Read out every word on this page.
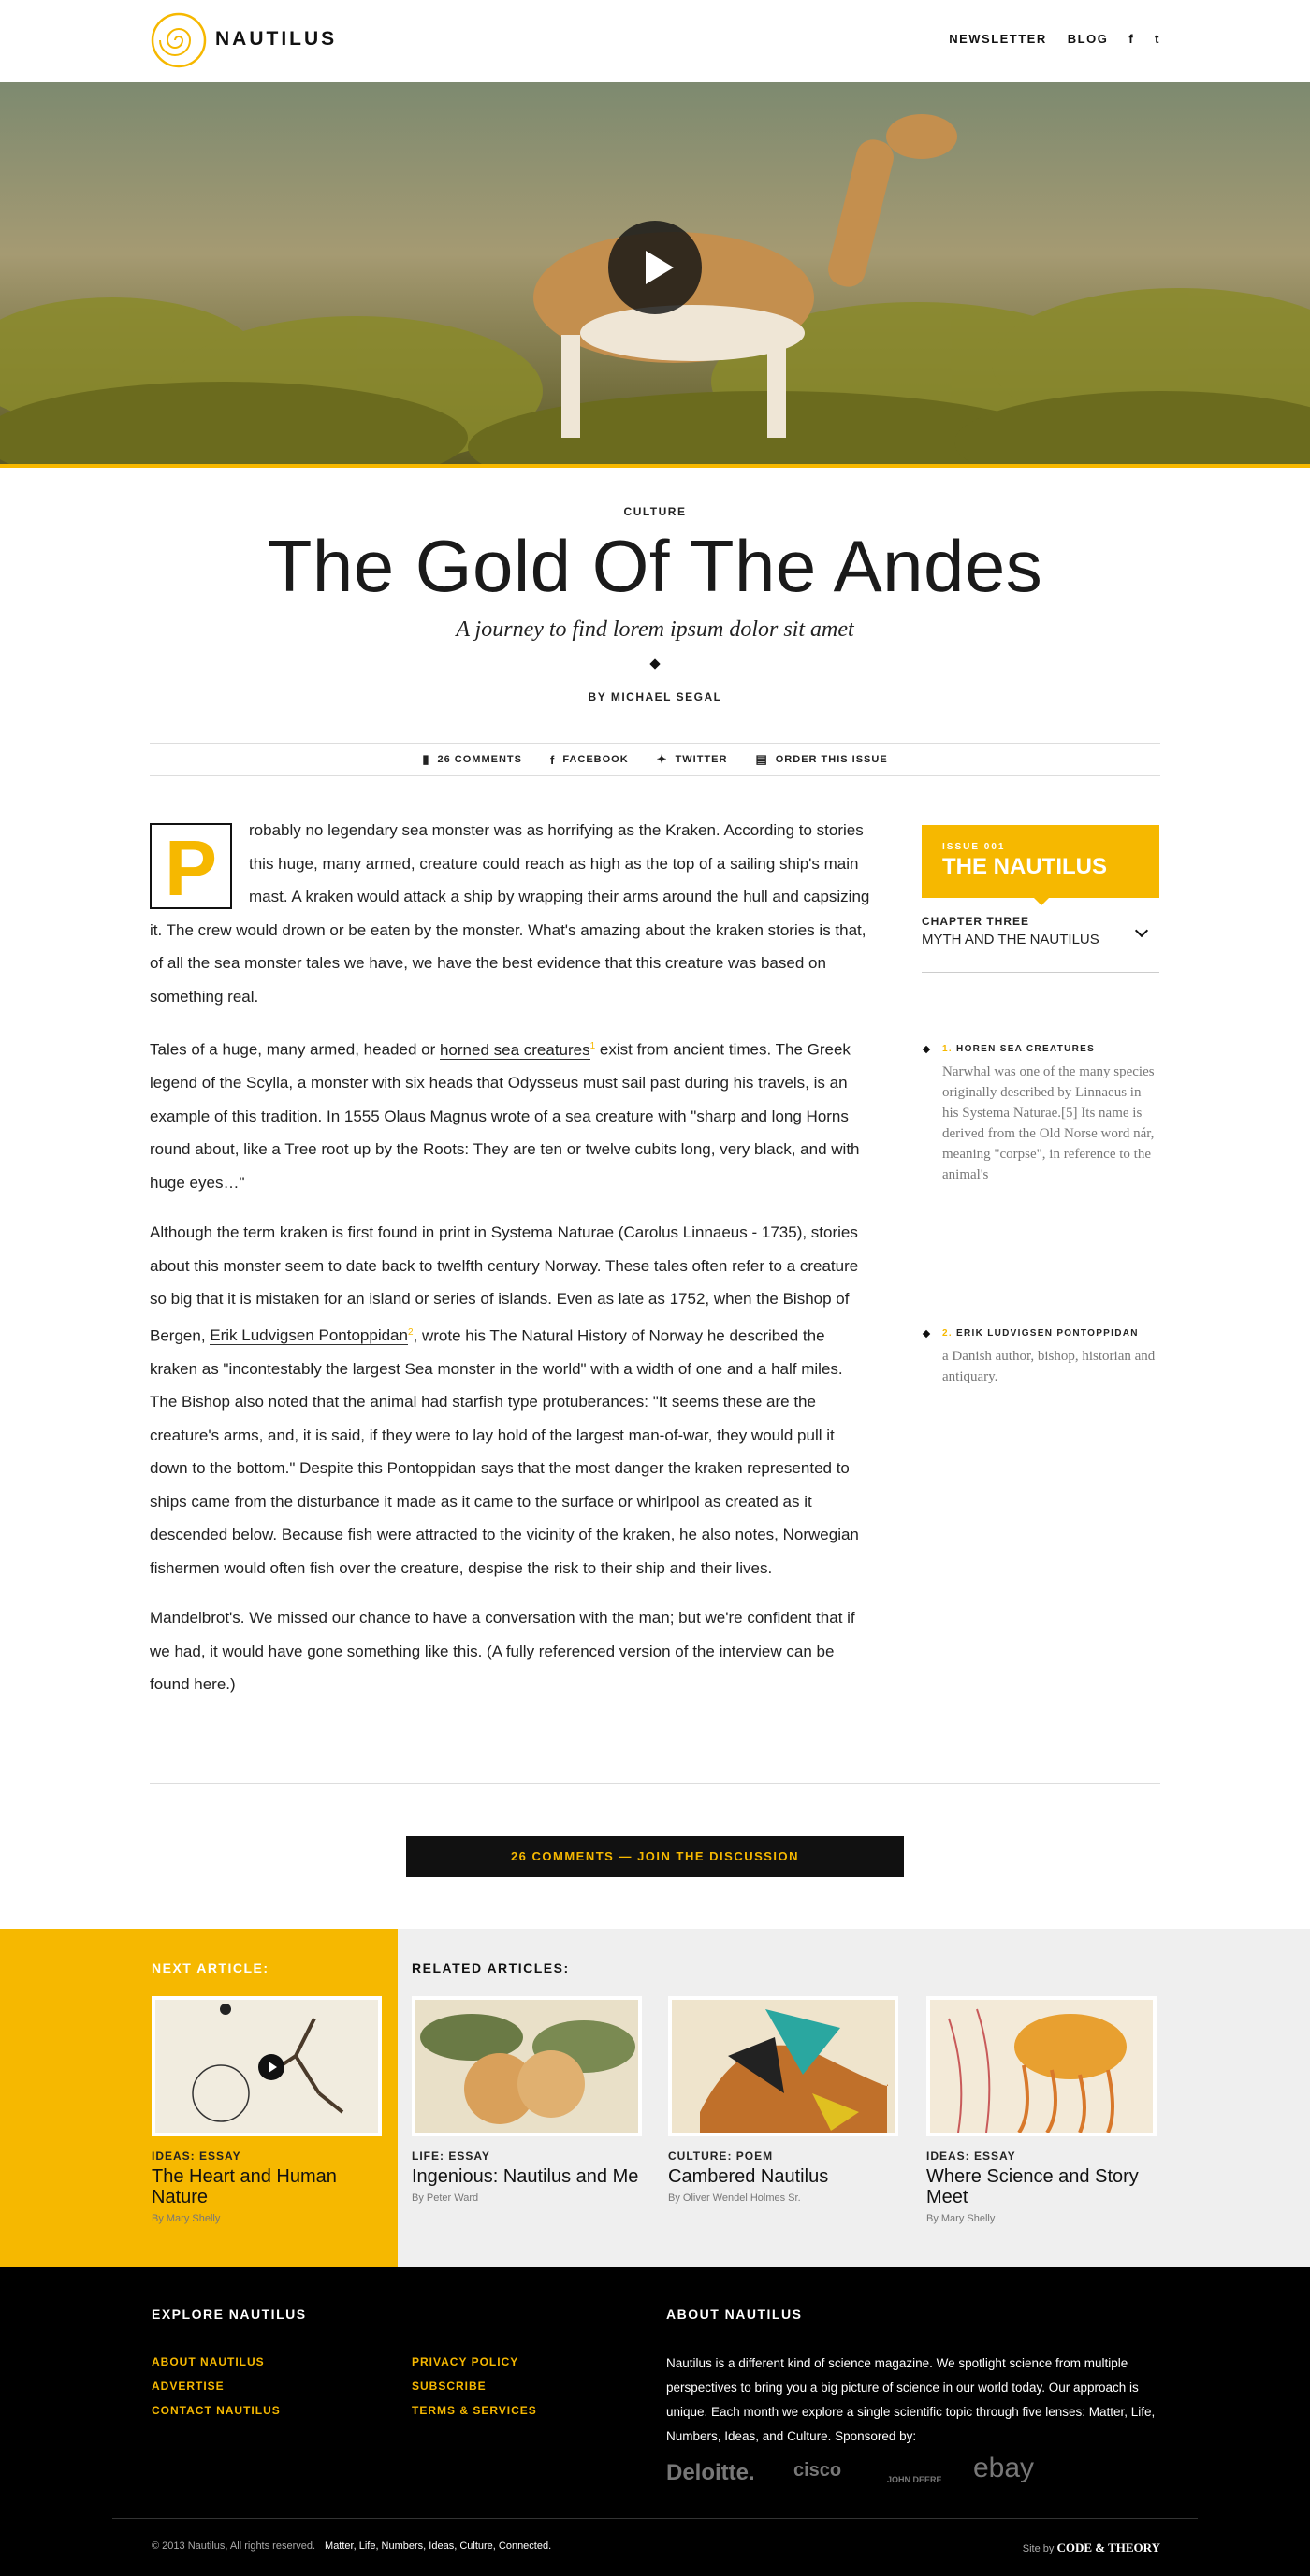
NAUTILUS	NEWSLETTER BLOG f t
CULTURE
The Gold Of The Andes
A journey to find lorem ipsum dolor sit amet
BY MICHAEL SEGAL
▮ 26 COMMENTS f FACEBOOK ✦ TWITTER ▤ ORDER THIS ISSUE

P	robably no legendary sea monster was as horrifying as the Kraken. According to stories this huge, many armed, creature could reach as high as the top of a sailing ship's main mast. A kraken would attack a ship by wrapping their arms around the hull and capsizing it. The crew would drown or be eaten by the monster. What's amazing about the kraken stories is that, of all the sea monster tales we have, we have the best evidence that this creature was based on something real.

Tales of a huge, many armed, headed or horned sea creatures$^1$ exist from ancient times. The Greek legend of the Scylla, a monster with six heads that Odysseus must sail past during his travels, is an example of this tradition. In 1555 Olaus Magnus wrote of a sea creature with "sharp and long Horns round about, like a Tree root up by the Roots: They are ten or twelve cubits long, very black, and with huge eyes…"

Although the term kraken is first found in print in Systema Naturae (Carolus Linnaeus - 1735), stories about this monster seem to date back to twelfth century Norway. These tales often refer to a creature so big that it is mistaken for an island or series of islands. Even as late as 1752, when the Bishop of Bergen, Erik Ludvigsen Pontoppidan$^2$, wrote his The Natural History of Norway he described the kraken as "incontestably the largest Sea monster in the world" with a width of one and a half miles. The Bishop also noted that the animal had starfish type protuberances: "It seems these are the creature's arms, and, it is said, if they were to lay hold of the largest man-of-war, they would pull it down to the bottom." Despite this Pontoppidan says that the most danger the kraken represented to ships came from the disturbance it made as it came to the surface or whirlpool as created as it descended below. Because fish were attracted to the vicinity of the kraken, he also notes, Norwegian fishermen would often fish over the creature, despise the risk to their ship and their lives.

Mandelbrot's. We missed our chance to have a conversation with the man; but we're confident that if we had, it would have gone something like this. (A fully referenced version of the interview can be found here.)

ISSUE 001
THE NAUTILUS
CHAPTER THREE
MYTH AND THE NAUTILUS
1. HOREN SEA CREATURES
Narwhal was one of the many species originally described by Linnaeus in his Systema Naturae.[5] Its name is derived from the Old Norse word nár, meaning "corpse", in reference to the animal's
2. ERIK LUDVIGSEN PONTOPPIDAN
a Danish author, bishop, historian and antiquary.
26 COMMENTS — JOIN THE DISCUSSION
NEXT ARTICLE:	RELATED ARTICLES:
IDEAS: ESSAY
The Heart and Human Nature
By Mary Shelly
LIFE: ESSAY
Ingenious: Nautilus and Me
By Peter Ward
CULTURE: POEM
Cambered Nautilus
By Oliver Wendel Holmes Sr.
IDEAS: ESSAY
Where Science and Story Meet
By Mary Shelly
EXPLORE NAUTILUS
ABOUT NAUTILUS
ADVERTISE
CONTACT NAUTILUS
PRIVACY POLICY
SUBSCRIBE
TERMS & SERVICES
ABOUT NAUTILUS
Nautilus is a different kind of science magazine. We spotlight science from multiple perspectives to bring you a big picture of science in our world today. Our approach is unique. Each month we explore a single scientific topic through five lenses: Matter, Life, Numbers, Ideas, and Culture. Sponsored by:
Deloitte. cisco	JOHN DEERE ebay
© 2013 Nautilus, All rights reserved. Matter, Life, Numbers, Ideas, Culture, Connected.	Site by CODE & THEORY
